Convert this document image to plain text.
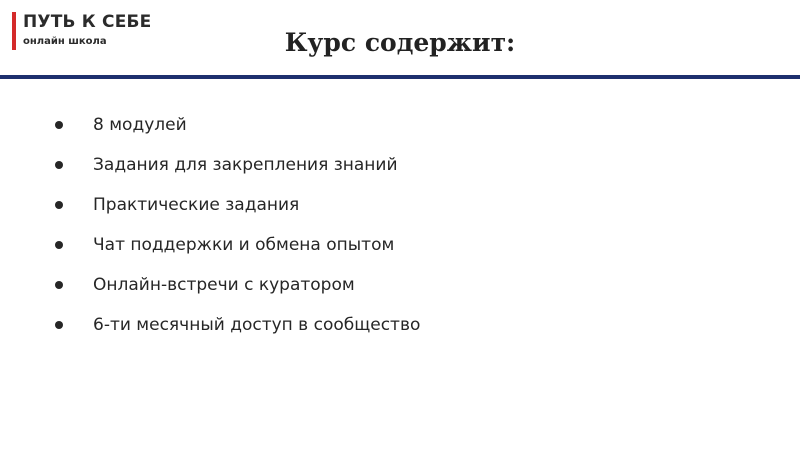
ПУТЬ К СЕБЕ
онлайн школа	Курс содержит:
8 модулей
Задания для закрепления знаний
Практические задания
Чат поддержки и обмена опытом
Онлайн-встречи с куратором
6-ти месячный доступ в сообщество
